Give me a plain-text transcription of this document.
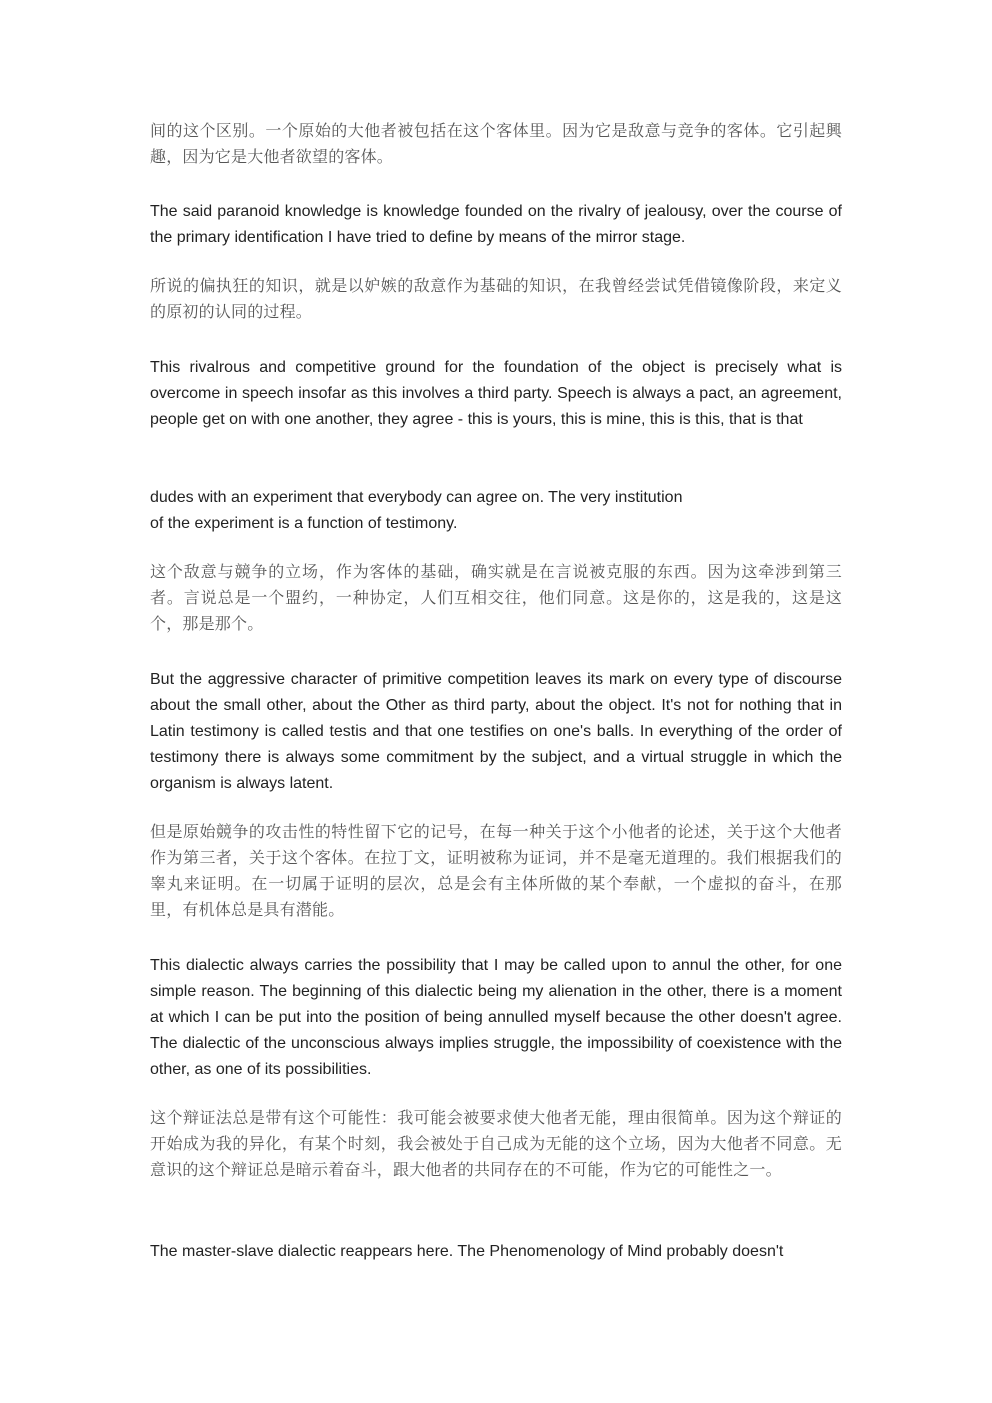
间的这个区别。一个原始的大他者被包括在这个客体里。因为它是敌意与竞争的客体。它引起興趣，因为它是大他者欲望的客体。

The said paranoid knowledge is knowledge founded on the rivalry of jealousy, over the course of the primary identification I have tried to define by means of the mirror stage.

所说的偏执狂的知识，就是以妒嫉的敌意作为基础的知识，在我曾经尝试凭借镜像阶段，来定义的原初的认同的过程。

This rivalrous and competitive ground for the foundation of the object is precisely what is overcome in speech insofar as this involves a third party. Speech is always a pact, an agreement, people get on with one another, they agree - this is yours, this is mine, this is this, that is that

dudes with an experiment that everybody can agree on. The very institution

of the experiment is a function of testimony.

这个敌意与競争的立场，作为客体的基础，确实就是在言说被克服的东西。因为这牵涉到第三者。言说总是一个盟约，一种协定，人们互相交往，他们同意。这是你的，这是我的，这是这个，那是那个。

But the aggressive character of primitive competition leaves its mark on every type of discourse about the small other, about the Other as third party, about the object. It's not for nothing that in Latin testimony is called testis and that one testifies on one's balls. In everything of the order of testimony there is always some commitment by the subject, and a virtual struggle in which the organism is always latent.

但是原始競争的攻击性的特性留下它的记号，在每一种关于这个小他者的论述，关于这个大他者作为第三者，关于这个客体。在拉丁文，证明被称为证词，并不是毫无道理的。我们根据我们的睾丸来证明。在一切属于证明的层次，总是会有主体所做的某个奉献，一个虚拟的奋斗，在那里，有机体总是具有潜能。

This dialectic always carries the possibility that I may be called upon to annul the other, for one simple reason. The beginning of this dialectic being my alienation in the other, there is a moment at which I can be put into the position of being annulled myself because the other doesn't agree. The dialectic of the unconscious always implies struggle, the impossibility of coexistence with the other, as one of its possibilities.

这个辩证法总是带有这个可能性：我可能会被要求使大他者无能，理由很简单。因为这个辩证的开始成为我的异化，有某个时刻，我会被处于自己成为无能的这个立场，因为大他者不同意。无意识的这个辩证总是暗示着奋斗，跟大他者的共同存在的不可能，作为它的可能性之一。

The master-slave dialectic reappears here. The Phenomenology of Mind probably doesn't
